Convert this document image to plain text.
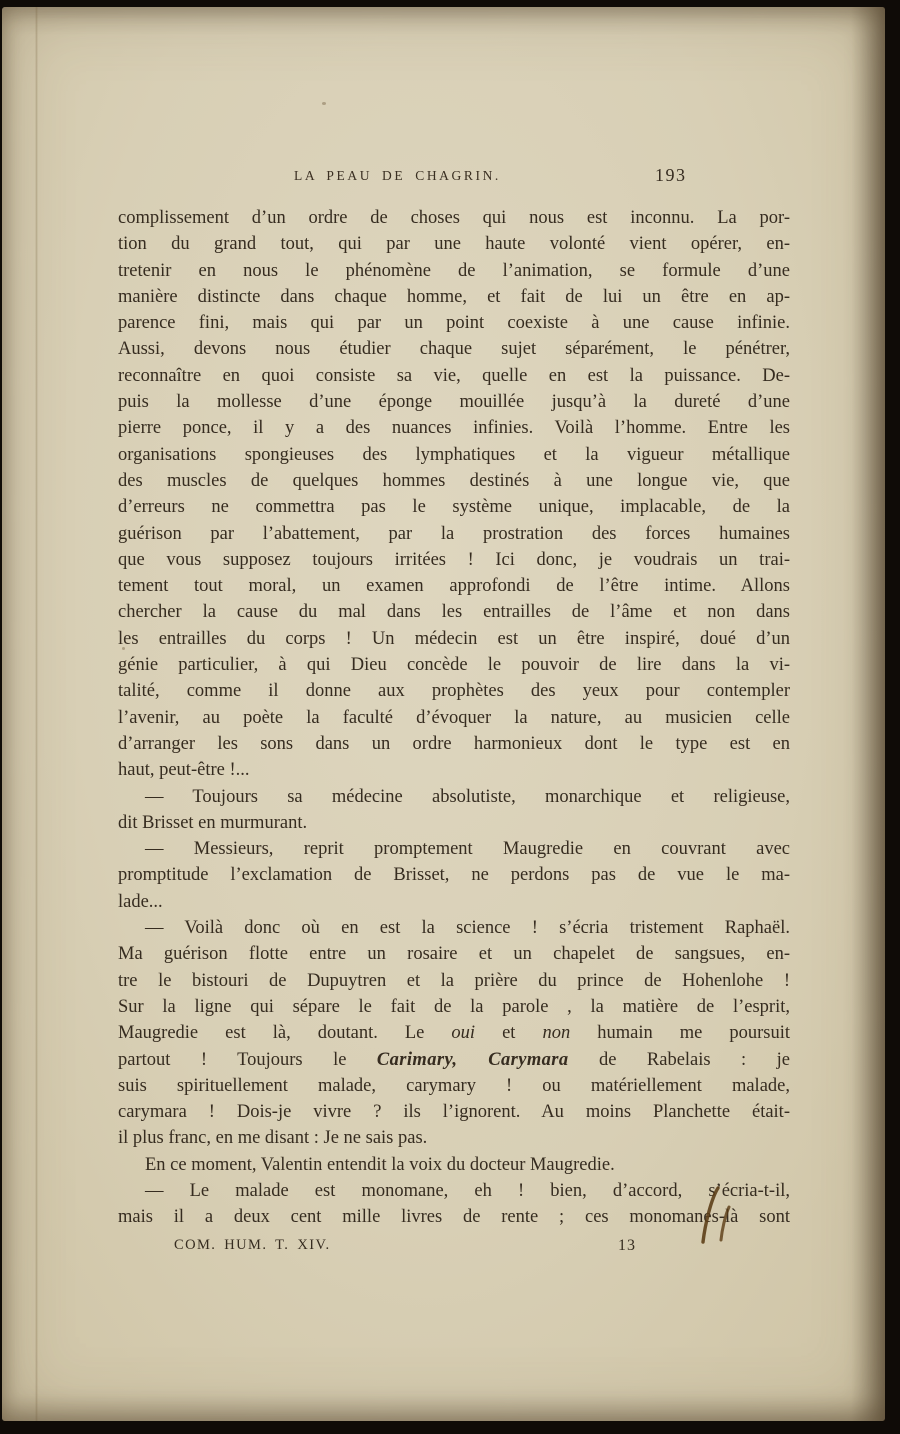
LA PEAU DE CHAGRIN.	193
complissement d’un ordre de choses qui nous est inconnu. La por-
tion du grand tout, qui par une haute volonté vient opérer, en-
tretenir en nous le phénomène de l’animation, se formule d’une
manière distincte dans chaque homme, et fait de lui un être en ap-
parence fini, mais qui par un point coexiste à une cause infinie.
Aussi, devons nous étudier chaque sujet séparément, le pénétrer,
reconnaître en quoi consiste sa vie, quelle en est la puissance. De-
puis la mollesse d’une éponge mouillée jusqu’à la dureté d’une
pierre ponce, il y a des nuances infinies. Voilà l’homme. Entre les
organisations spongieuses des lymphatiques et la vigueur métallique
des muscles de quelques hommes destinés à une longue vie, que
d’erreurs ne commettra pas le système unique, implacable, de la
guérison par l’abattement, par la prostration des forces humaines
que vous supposez toujours irritées ! Ici donc, je voudrais un trai-
tement tout moral, un examen approfondi de l’être intime. Allons
chercher la cause du mal dans les entrailles de l’âme et non dans
les entrailles du corps ! Un médecin est un être inspiré, doué d’un
génie particulier, à qui Dieu concède le pouvoir de lire dans la vi-
talité, comme il donne aux prophètes des yeux pour contempler
l’avenir, au poète la faculté d’évoquer la nature, au musicien celle
d’arranger les sons dans un ordre harmonieux dont le type est en
haut, peut-être !...
— Toujours sa médecine absolutiste, monarchique et religieuse,
dit Brisset en murmurant.
— Messieurs, reprit promptement Maugredie en couvrant avec
promptitude l’exclamation de Brisset, ne perdons pas de vue le ma-
lade...
— Voilà donc où en est la science ! s’écria tristement Raphaël.
Ma guérison flotte entre un rosaire et un chapelet de sangsues, en-
tre le bistouri de Dupuytren et la prière du prince de Hohenlohe !
Sur la ligne qui sépare le fait de la parole , la matière de l’esprit,
Maugredie est là, doutant. Le oui et non humain me poursuit
partout ! Toujours le Carimary, Carymara de Rabelais : je
suis spirituellement malade, carymary ! ou matériellement malade,
carymara ! Dois-je vivre ? ils l’ignorent. Au moins Planchette était-
il plus franc, en me disant : Je ne sais pas.
En ce moment, Valentin entendit la voix du docteur Maugredie.
— Le malade est monomane, eh ! bien, d’accord, s’écria-t-il,
mais il a deux cent mille livres de rente ; ces monomanes-là sont
COM. HUM. T. XIV.	13
